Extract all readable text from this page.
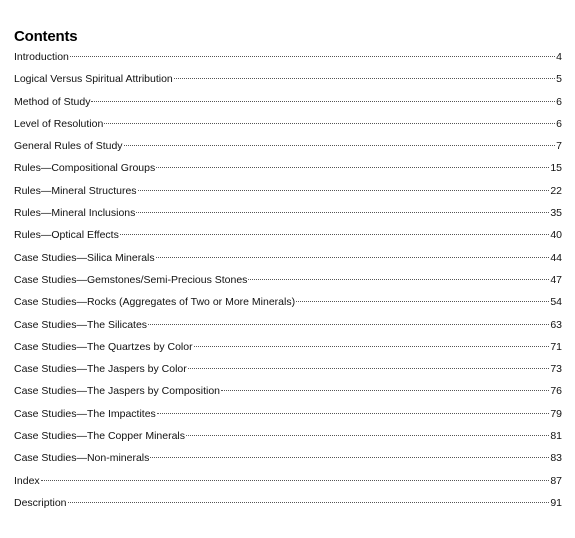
Contents
Introduction	4
Logical Versus Spiritual Attribution	5
Method of Study	6
Level of Resolution	6
General Rules of Study	7
Rules—Compositional Groups	15
Rules—Mineral Structures	22
Rules—Mineral Inclusions	35
Rules—Optical Effects	40
Case Studies—Silica Minerals	44
Case Studies—Gemstones/Semi-Precious Stones	47
Case Studies—Rocks (Aggregates of Two or More Minerals)	54
Case Studies—The Silicates	63
Case Studies—The Quartzes by Color	71
Case Studies—The Jaspers by Color	73
Case Studies—The Jaspers by Composition	76
Case Studies—The Impactites	79
Case Studies—The Copper Minerals	81
Case Studies—Non-minerals	83
Index	87
Description	91
